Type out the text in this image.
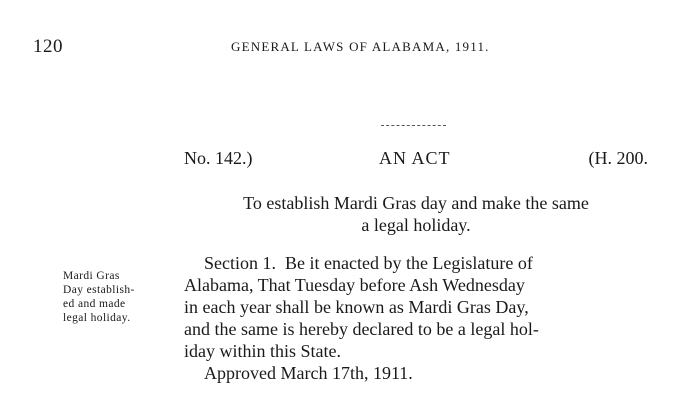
120	GENERAL LAWS OF ALABAMA, 1911.
No. 142.)	AN ACT	(H. 200.
To establish Mardi Gras day and make the same
a legal holiday.
Mardi Gras
Day establish-
ed and made
legal holiday.
Section 1.  Be it enacted by the Legislature of
Alabama, That Tuesday before Ash Wednesday
in each year shall be known as Mardi Gras Day,
and the same is hereby declared to be a legal hol-
iday within this State.
Approved March 17th, 1911.
